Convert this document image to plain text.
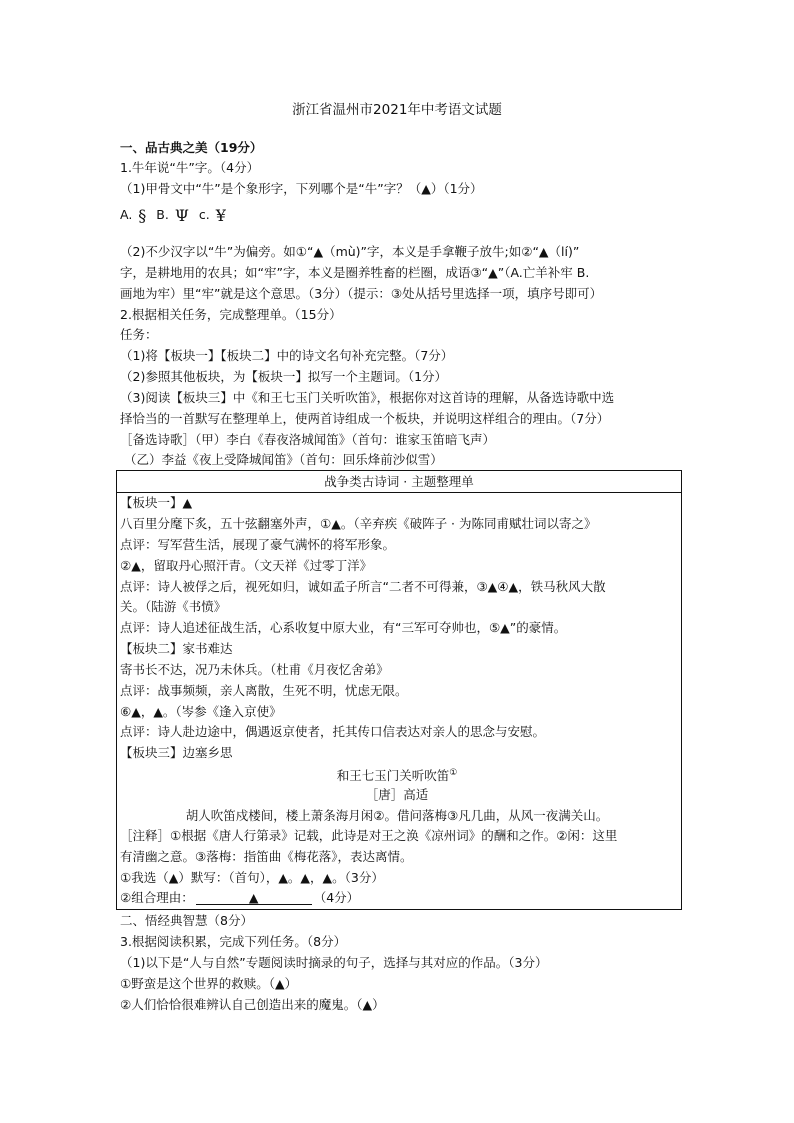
浙江省温州市2021年中考语文试题
一、品古典之美（19分）
1.牛年说“牛”字。（4分）
（1)甲骨文中“牛”是个象形字，下列哪个是“牛”字？（▲）（1分）
A. § B. Ψ c. ¥
（2)不少汉字以“牛”为偏旁。如①“▲（mù)”字，本义是手拿鞭子放牛;如②“▲（lí)”
字，是耕地用的农具；如“牢”字，本义是圈养牲畜的栏圈，成语③“▲”（A.亡羊补牢 B.
画地为牢）里“牢”就是这个意思。（3分）（提示：③处从括号里选择一项，填序号即可）
2.根据相关任务，完成整理单。（15分）
任务：
（1)将【板块一】【板块二】中的诗文名句补充完整。（7分）
（2)参照其他板块，为【板块一】拟写一个主题词。（1分）
（3)阅读【板块三】中《和王七玉门关听吹笛》，根据你对这首诗的理解，从备选诗歌中选
择恰当的一首默写在整理单上，使两首诗组成一个板块，并说明这样组合的理由。（7分）
［备选诗歌］（甲）李白《春夜洛城闻笛》（首句：谁家玉笛暗飞声）
（乙）李益《夜上受降城闻笛》（首句：回乐烽前沙似雪）
战争类古诗词 · 主题整理单
【板块一】▲
八百里分麾下炙，五十弦翻塞外声，①▲。（辛弃疾《破阵子 · 为陈同甫赋壮词以寄之》
点评：写军营生活，展现了豪气满怀的将军形象。
②▲，留取丹心照汗青。（文天祥《过零丁洋》
点评：诗人被俘之后，视死如归，诚如孟子所言“二者不可得兼，③▲④▲，铁马秋风大散
关。（陆游《书愤》
点评：诗人追述征战生活，心系收复中原大业，有“三军可夺帅也，⑤▲”的豪情。
【板块二】家书难达
寄书长不达，况乃未休兵。（杜甫《月夜忆舍弟》
点评：战事频频，亲人离散，生死不明，忧虑无限。
⑥▲，▲。（岑参《逢入京使》
点评：诗人赴边途中，偶遇返京使者，托其传口信表达对亲人的思念与安慰。
【板块三】边塞乡思
和王七玉门关听吹笛①
［唐］高适
胡人吹笛戍楼间，楼上萧条海月闲②。借问落梅③凡几曲，从风一夜满关山。
［注释］①根据《唐人行第录》记载，此诗是对王之涣《凉州词》的酬和之作。②闲：这里
有清幽之意。③落梅：指笛曲《梅花落》，表达离情。
①我选（▲）默写：（首句），▲。▲，▲。（3分）
②组合理由：	▲	（4分）
二、悟经典智慧（8分）
3.根据阅读积累，完成下列任务。（8分）
（1)以下是“人与自然”专题阅读时摘录的句子，选择与其对应的作品。（3分）
①野蛮是这个世界的救赎。（▲）
②人们恰恰很难辨认自己创造出来的魔鬼。（▲）
